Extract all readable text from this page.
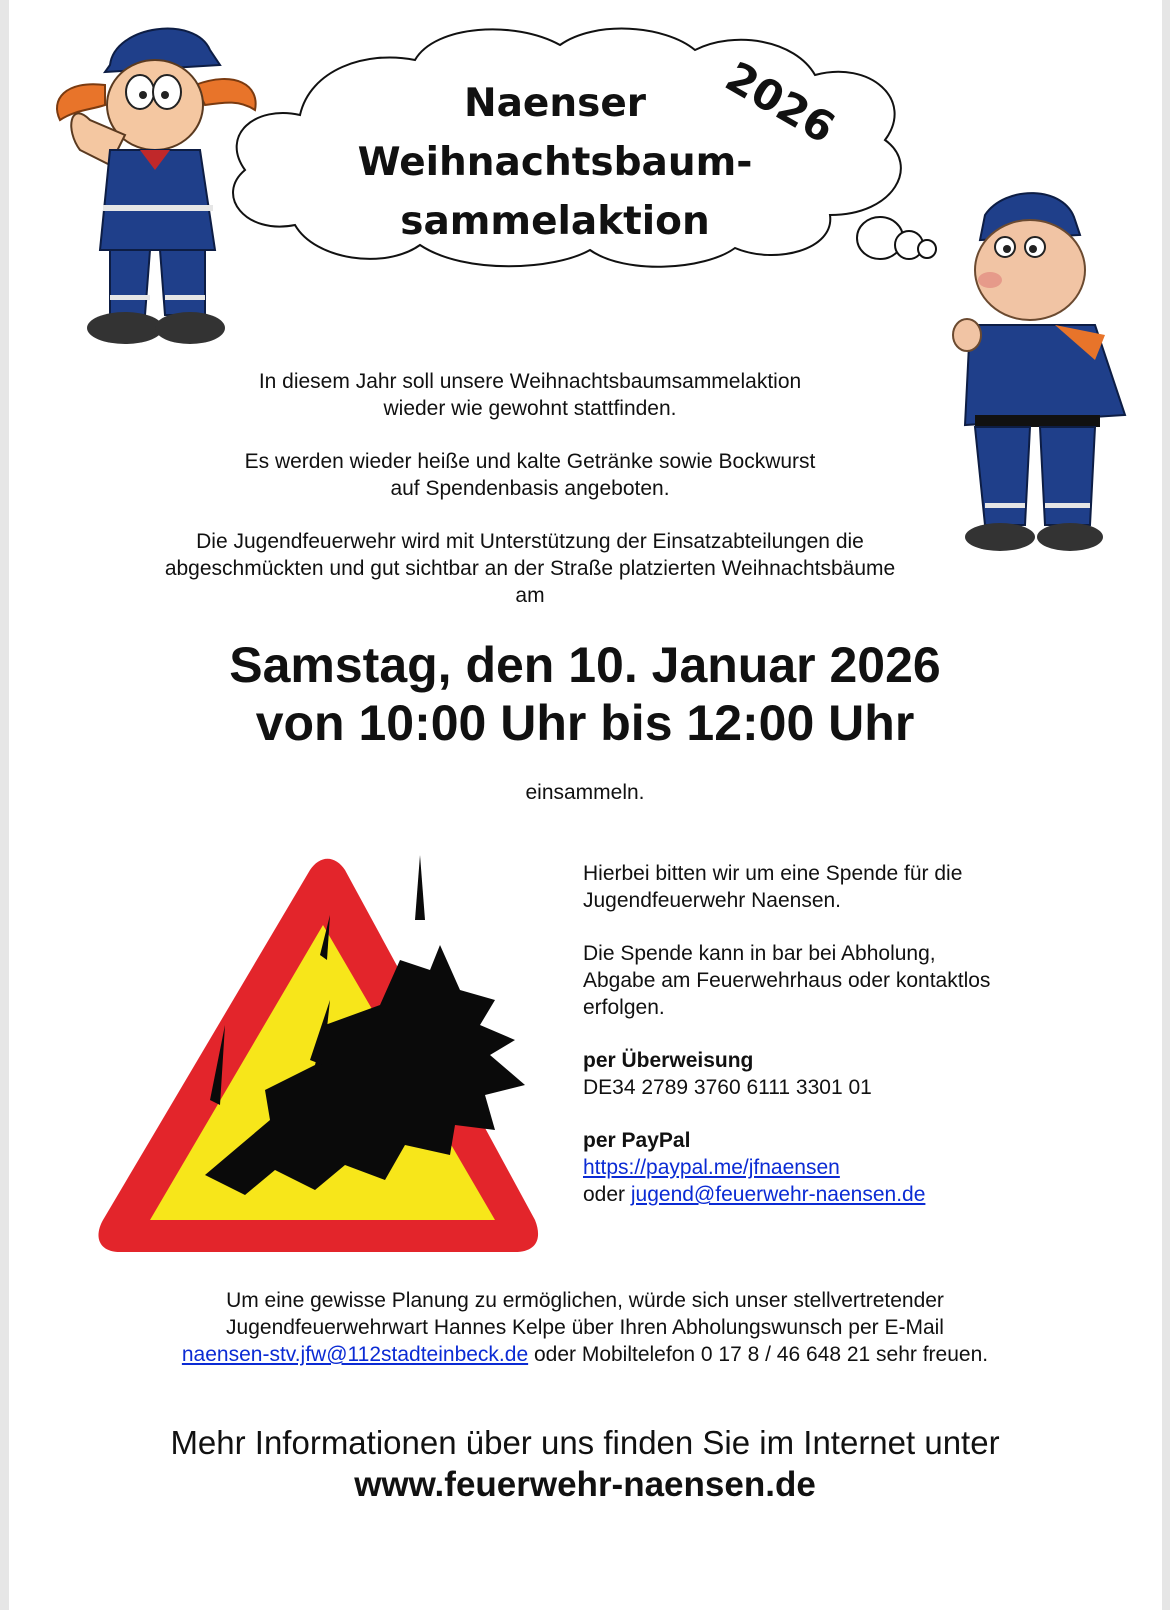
Naenser
Weihnachtsbaum-
sammelaktion
2026
In diesem Jahr soll unsere Weihnachtsbaumsammelaktion
wieder wie gewohnt stattfinden.
Es werden wieder heiße und kalte Getränke sowie Bockwurst
auf Spendenbasis angeboten.
Die Jugendfeuerwehr wird mit Unterstützung der Einsatzabteilungen die
abgeschmückten und gut sichtbar an der Straße platzierten Weihnachtsbäume
am
Samstag, den 10. Januar 2026
von 10:00 Uhr bis 12:00 Uhr
einsammeln.
Hierbei bitten wir um eine Spende für die
Jugendfeuerwehr Naensen.
Die Spende kann in bar bei Abholung,
Abgabe am Feuerwehrhaus oder kontaktlos
erfolgen.
per Überweisung
DE34 2789 3760 6111 3301 01
per PayPal
https://paypal.me/jfnaensen
oder jugend@feuerwehr-naensen.de
Um eine gewisse Planung zu ermöglichen, würde sich unser stellvertretender
Jugendfeuerwehrwart Hannes Kelpe über Ihren Abholungswunsch per E-Mail
naensen-stv.jfw@112stadteinbeck.de oder Mobiltelefon 0 17 8 / 46 648 21 sehr freuen.
Mehr Informationen über uns finden Sie im Internet unter
www.feuerwehr-naensen.de
